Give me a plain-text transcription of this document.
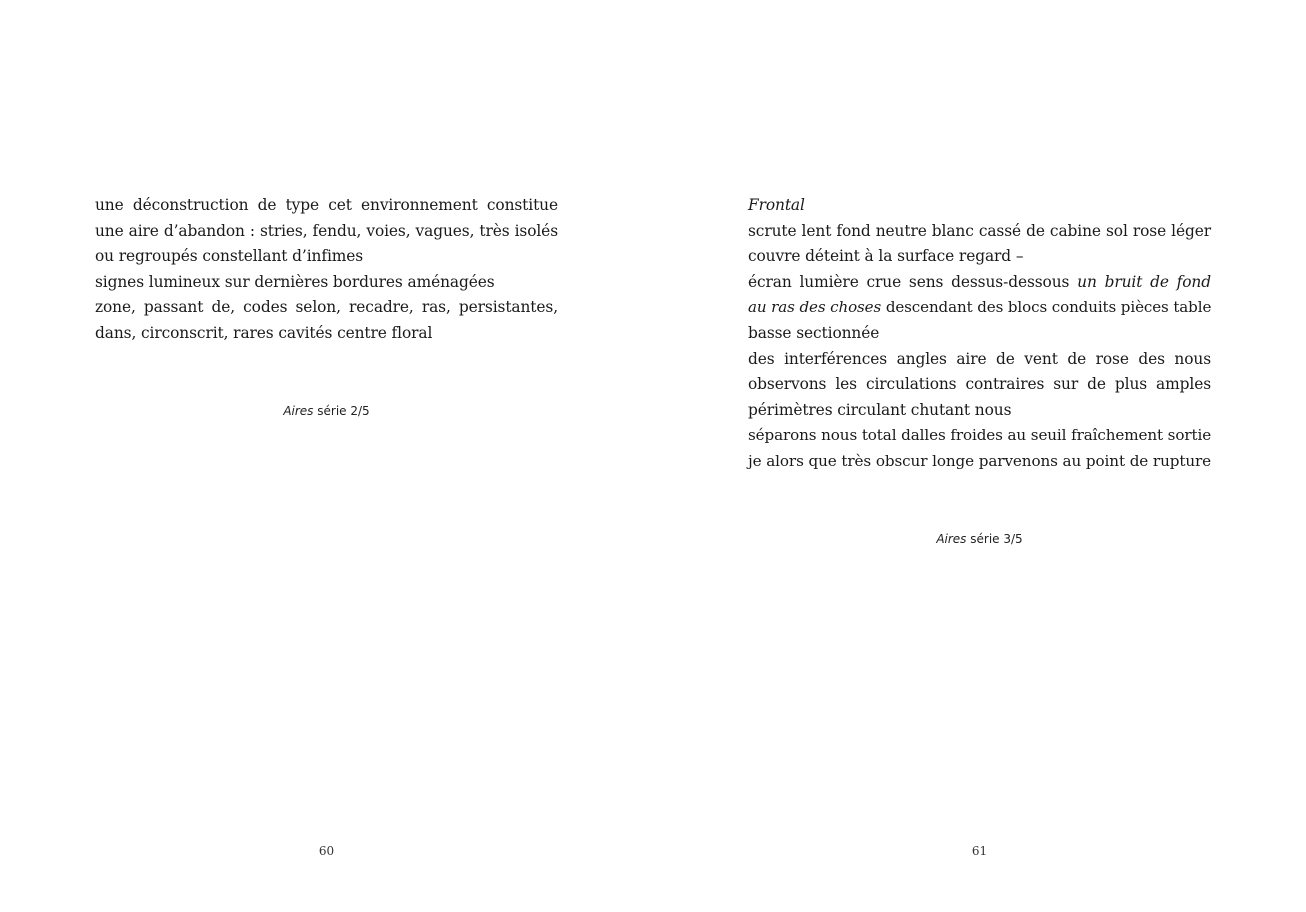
une déconstruction de type cet environnement constitue
une aire d’abandon : stries, fendu, voies, vagues, très isolés
ou regroupés constellant d’infimes
signes lumineux sur dernières bordures aménagées
zone, passant de, codes selon, recadre, ras, persistantes,
dans, circonscrit, rares cavités centre floral
Aires série 2/5
60
Frontal
scrute lent fond neutre blanc cassé de cabine sol rose léger
couvre déteint à la surface regard –
écran lumière crue sens dessus-dessous un bruit de fond
au ras des choses descendant des blocs conduits pièces table
basse sectionnée
des interférences angles aire de vent de rose des nous
observons les circulations contraires sur de plus amples
périmètres circulant chutant nous
séparons nous total dalles froides au seuil fraîchement sortie
je alors que très obscur longe parvenons au point de rupture
Aires série 3/5
61
